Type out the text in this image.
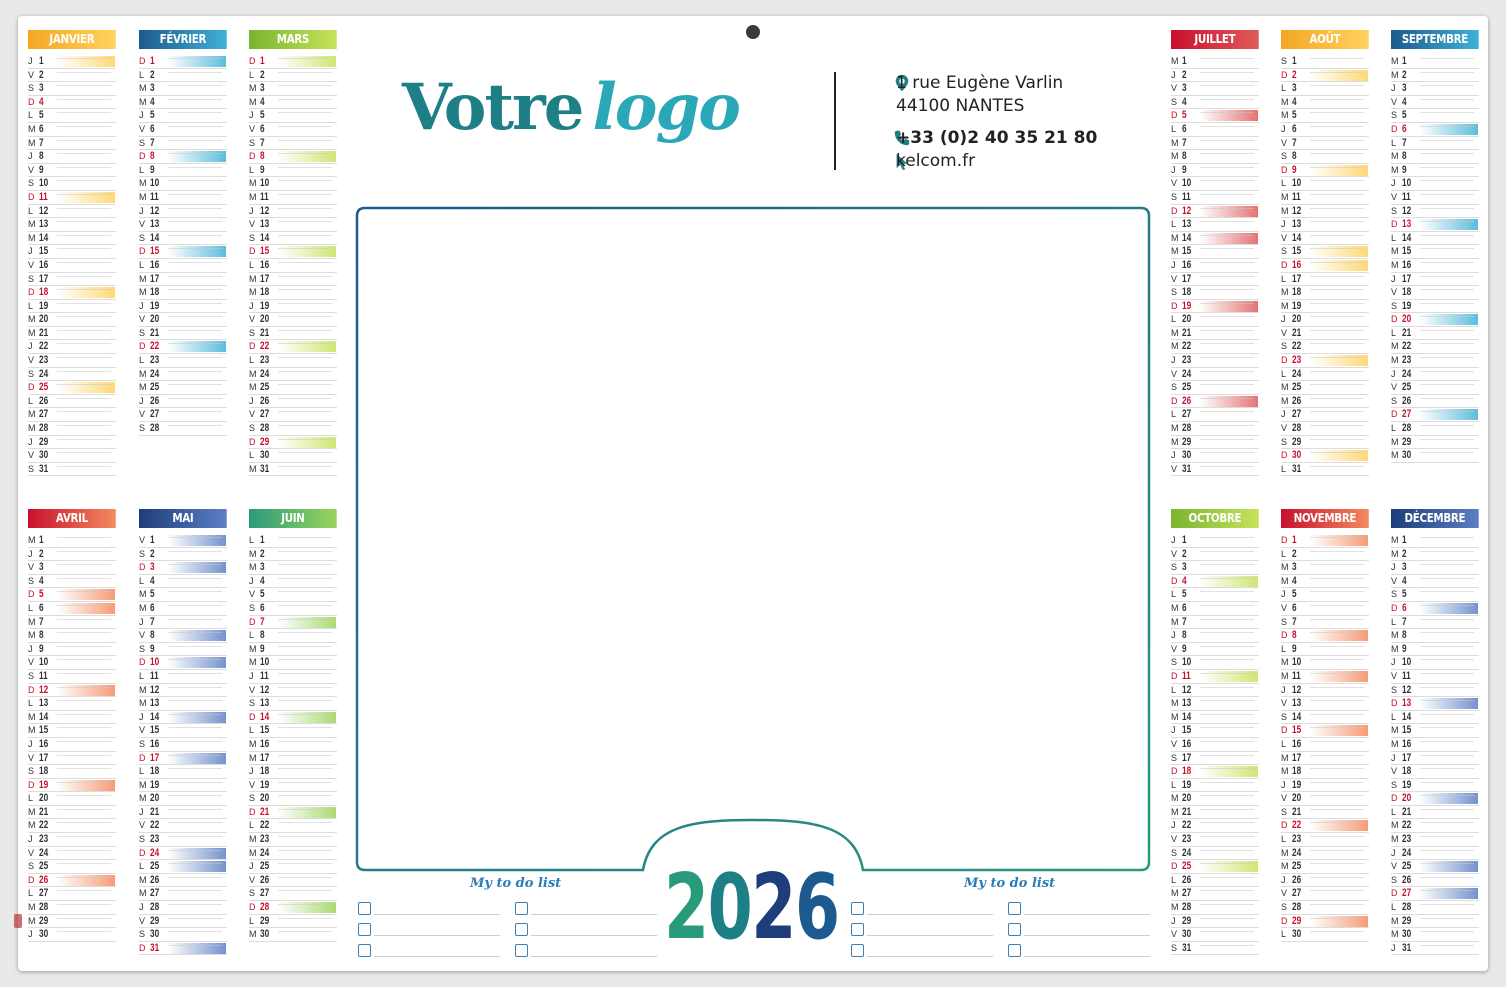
Votre logo	1 rue Eugène Varlin
44100 NANTES
+33 (0)2 40 35 21 80
kelcom.fr
2026
My to do list	My to do list
JANVIER
J 1
V 2
S 3
D 4
L 5
M 6
M 7
J 8
V 9
S 10
D 11
L 12
M 13
M 14
J 15
V 16
S 17
D 18
L 19
M 20
M 21
J 22
V 23
S 24
D 25
L 26
M 27
M 28
J 29
V 30
S 31
FÉVRIER
D 1
L 2
M 3
M 4
J 5
V 6
S 7
D 8
L 9
M 10
M 11
J 12
V 13
S 14
D 15
L 16
M 17
M 18
J 19
V 20
S 21
D 22
L 23
M 24
M 25
J 26
V 27
S 28
MARS
D 1
L 2
M 3
M 4
J 5
V 6
S 7
D 8
L 9
M 10
M 11
J 12
V 13
S 14
D 15
L 16
M 17
M 18
J 19
V 20
S 21
D 22
L 23
M 24
M 25
J 26
V 27
S 28
D 29
L 30
M 31
AVRIL
M 1
J 2
V 3
S 4
D 5
L 6
M 7
M 8
J 9
V 10
S 11
D 12
L 13
M 14
M 15
J 16
V 17
S 18
D 19
L 20
M 21
M 22
J 23
V 24
S 25
D 26
L 27
M 28
M 29
J 30
MAI
V 1
S 2
D 3
L 4
M 5
M 6
J 7
V 8
S 9
D 10
L 11
M 12
M 13
J 14
V 15
S 16
D 17
L 18
M 19
M 20
J 21
V 22
S 23
D 24
L 25
M 26
M 27
J 28
V 29
S 30
D 31
JUIN
L 1
M 2
M 3
J 4
V 5
S 6
D 7
L 8
M 9
M 10
J 11
V 12
S 13
D 14
L 15
M 16
M 17
J 18
V 19
S 20
D 21
L 22
M 23
M 24
J 25
V 26
S 27
D 28
L 29
M 30
JUILLET
M 1
J 2
V 3
S 4
D 5
L 6
M 7
M 8
J 9
V 10
S 11
D 12
L 13
M 14
M 15
J 16
V 17
S 18
D 19
L 20
M 21
M 22
J 23
V 24
S 25
D 26
L 27
M 28
M 29
J 30
V 31
AOÛT
S 1
D 2
L 3
M 4
M 5
J 6
V 7
S 8
D 9
L 10
M 11
M 12
J 13
V 14
S 15
D 16
L 17
M 18
M 19
J 20
V 21
S 22
D 23
L 24
M 25
M 26
J 27
V 28
S 29
D 30
L 31
SEPTEMBRE
M 1
M 2
J 3
V 4
S 5
D 6
L 7
M 8
M 9
J 10
V 11
S 12
D 13
L 14
M 15
M 16
J 17
V 18
S 19
D 20
L 21
M 22
M 23
J 24
V 25
S 26
D 27
L 28
M 29
M 30
OCTOBRE
J 1
V 2
S 3
D 4
L 5
M 6
M 7
J 8
V 9
S 10
D 11
L 12
M 13
M 14
J 15
V 16
S 17
D 18
L 19
M 20
M 21
J 22
V 23
S 24
D 25
L 26
M 27
M 28
J 29
V 30
S 31
NOVEMBRE
D 1
L 2
M 3
M 4
J 5
V 6
S 7
D 8
L 9
M 10
M 11
J 12
V 13
S 14
D 15
L 16
M 17
M 18
J 19
V 20
S 21
D 22
L 23
M 24
M 25
J 26
V 27
S 28
D 29
L 30
DÉCEMBRE
M 1
M 2
J 3
V 4
S 5
D 6
L 7
M 8
M 9
J 10
V 11
S 12
D 13
L 14
M 15
M 16
J 17
V 18
S 19
D 20
L 21
M 22
M 23
J 24
V 25
S 26
D 27
L 28
M 29
M 30
J 31
